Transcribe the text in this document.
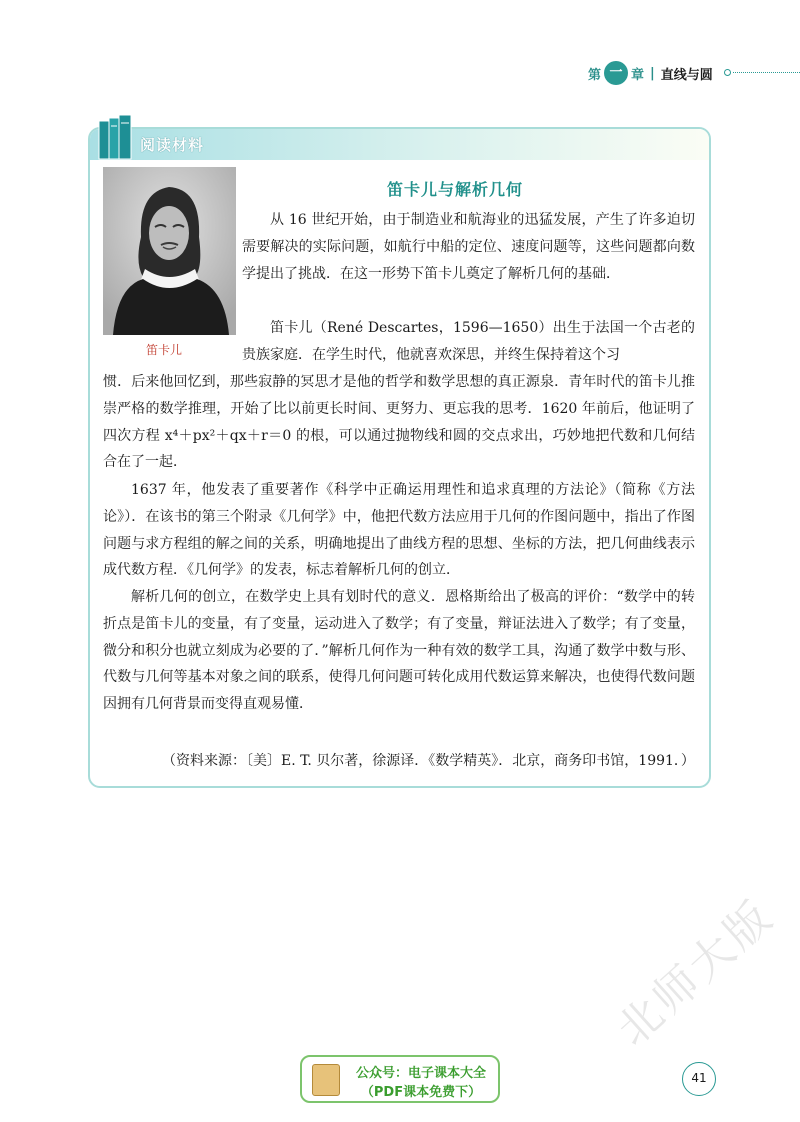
第 一 章 | 直线与圆
阅读材料
笛卡儿
笛卡儿与解析几何

从 16 世纪开始，由于制造业和航海业的迅猛发展，产生了许多迫切需要解决的实际问题，如航行中船的定位、速度问题等，这些问题都向数学提出了挑战．在这一形势下笛卡儿奠定了解析几何的基础．

笛卡儿（René Descartes，1596—1650）出生于法国一个古老的贵族家庭．在学生时代，他就喜欢深思，并终生保持着这个习

惯．后来他回忆到，那些寂静的冥思才是他的哲学和数学思想的真正源泉．青年时代的笛卡儿推崇严格的数学推理，开始了比以前更长时间、更努力、更忘我的思考．1620 年前后，他证明了四次方程 x⁴＋px²＋qx＋r＝0 的根，可以通过抛物线和圆的交点求出，巧妙地把代数和几何结合在了一起．

1637 年，他发表了重要著作《科学中正确运用理性和追求真理的方法论》（简称《方法论》）．在该书的第三个附录《几何学》中，他把代数方法应用于几何的作图问题中，指出了作图问题与求方程组的解之间的关系，明确地提出了曲线方程的思想、坐标的方法，把几何曲线表示成代数方程．《几何学》的发表，标志着解析几何的创立．

解析几何的创立，在数学史上具有划时代的意义．恩格斯给出了极高的评价：“数学中的转折点是笛卡儿的变量，有了变量，运动进入了数学；有了变量，辩证法进入了数学；有了变量，微分和积分也就立刻成为必要的了．”解析几何作为一种有效的数学工具，沟通了数学中数与形、代数与几何等基本对象之间的联系，使得几何问题可转化成用代数运算来解决，也使得代数问题因拥有几何背景而变得直观易懂．

（资料来源：〔美〕E. T. 贝尔著，徐源译．《数学精英》．北京，商务印书馆，1991．）
北师大版
公众号：电子课本大全
（PDF课本免费下）
41
